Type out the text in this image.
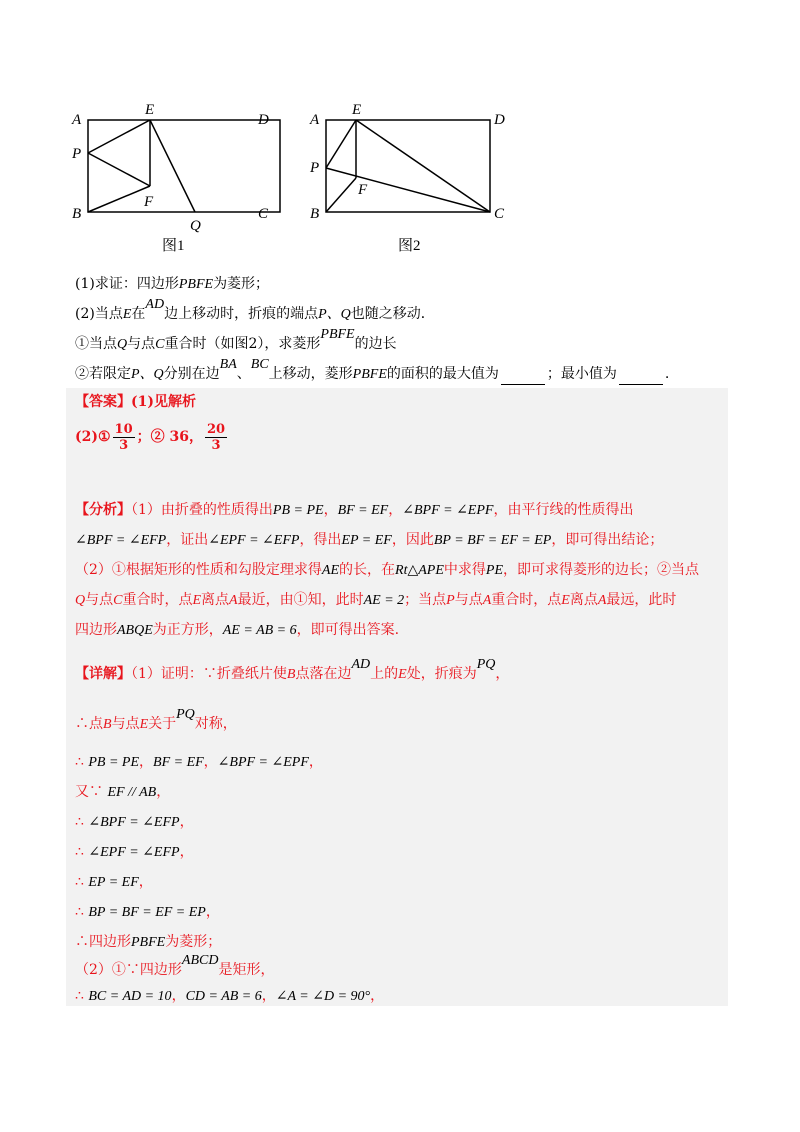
A
E
D
P
B
F
Q
C
图1
A
E
D
P
B
F
C
图2
(1)求证：四边形PBFE为菱形；
(2)当点E在AD边上移动时，折痕的端点P、Q也随之移动．
①当点Q与点C重合时（如图2），求菱形PBFE的边长
②若限定P、Q分别在边BA、BC上移动，菱形PBFE的面积的最大值为	；最小值为	.
【答案】(1)见解析
(2)① $\frac{10}{3}$ ；② 36， $\frac{20}{3}$
【分析】（1）由折叠的性质得出PB = PE，BF = EF，∠BPF = ∠EPF，由平行线的性质得出
∠BPF = ∠EFP，证出∠EPF = ∠EFP，得出EP = EF，因此BP = BF = EF = EP，即可得出结论；
（2）①根据矩形的性质和勾股定理求得AE的长，在Rt△APE中求得PE，即可求得菱形的边长；②当点
Q与点C重合时，点E离点A最近，由①知，此时AE = 2；当点P与点A重合时，点E离点A最远，此时
四边形ABQE为正方形，AE = AB = 6，即可得出答案.
【详解】（1）证明：∵折叠纸片使B点落在边AD上的E处，折痕为PQ，
∴点B与点E关于PQ对称，
∴ PB = PE，BF = EF，∠BPF = ∠EPF，
又∵ EF // AB，
∴ ∠BPF = ∠EFP，
∴ ∠EPF = ∠EFP，
∴ EP = EF，
∴ BP = BF = EF = EP，
∴四边形PBFE为菱形；
（2）①∵四边形ABCD是矩形，
∴ BC = AD = 10，CD = AB = 6，∠A = ∠D = 90°，
